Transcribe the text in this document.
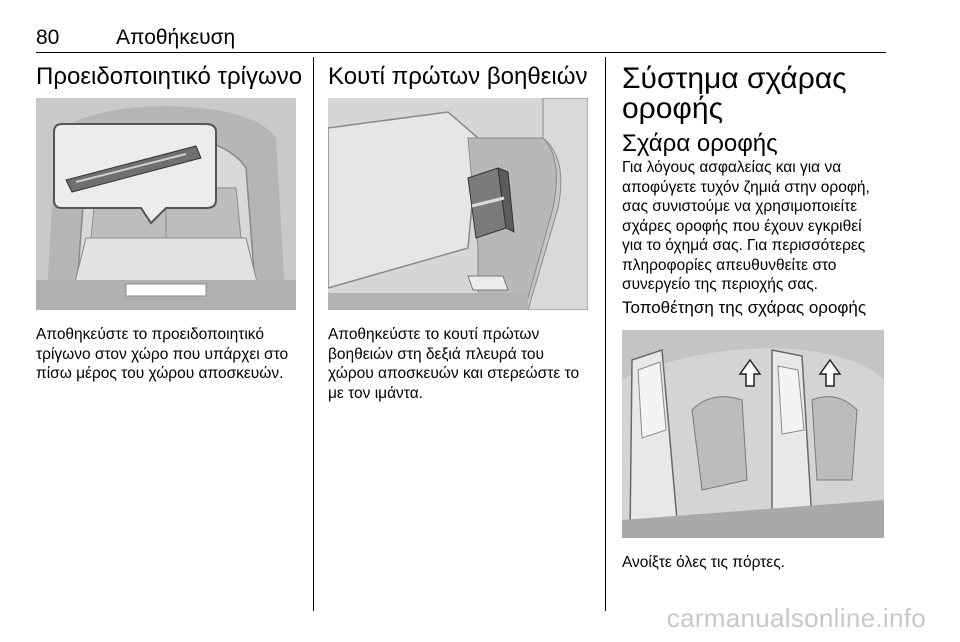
80	Αποθήκευση
Προειδοποιητικό τρίγωνο
Αποθηκεύστε το προειδοποιητικό
τρίγωνο στον χώρο που υπάρχει στο
πίσω μέρος του χώρου αποσκευών.
Κουτί πρώτων βοηθειών
Αποθηκεύστε το κουτί πρώτων
βοηθειών στη δεξιά πλευρά του
χώρου αποσκευών και στερεώστε το
με τον ιμάντα.
Σύστημα σχάρας
οροφής
Σχάρα οροφής
Για λόγους ασφαλείας και για να
αποφύγετε τυχόν ζημιά στην οροφή,
σας συνιστούμε να χρησιμοποιείτε
σχάρες οροφής που έχουν εγκριθεί
για το όχημά σας. Για περισσότερες
πληροφορίες απευθυνθείτε στο
συνεργείο της περιοχής σας.
Τοποθέτηση της σχάρας οροφής
Ανοίξτε όλες τις πόρτες.
carmanualsonline.info
